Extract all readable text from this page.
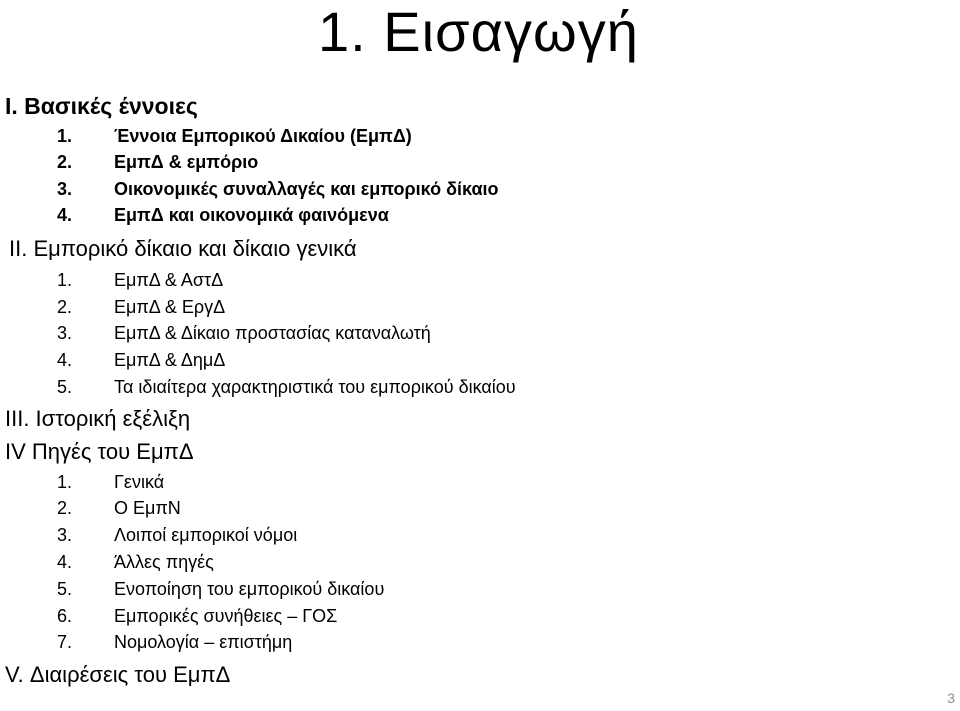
1. Εισαγωγή
Ι. Βασικές έννοιες
1. Έννοια Εμπορικού Δικαίου (ΕμπΔ)
2. ΕμπΔ & εμπόριο
3. Οικονομικές συναλλαγές και εμπορικό δίκαιο
4. ΕμπΔ και οικονομικά φαινόμενα
ΙΙ. Εμπορικό δίκαιο και δίκαιο γενικά
1. ΕμπΔ & ΑστΔ
2. ΕμπΔ & ΕργΔ
3. ΕμπΔ & Δίκαιο προστασίας καταναλωτή
4. ΕμπΔ & ΔημΔ
5. Τα ιδιαίτερα χαρακτηριστικά του εμπορικού δικαίου
ΙΙΙ. Ιστορική εξέλιξη
IV Πηγές του ΕμπΔ
1. Γενικά
2. Ο ΕμπΝ
3. Λοιποί εμπορικοί νόμοι
4. Άλλες πηγές
5. Ενοποίηση του εμπορικού δικαίου
6. Εμπορικές συνήθειες – ΓΟΣ
7. Νομολογία – επιστήμη
V. Διαιρέσεις του ΕμπΔ
3
